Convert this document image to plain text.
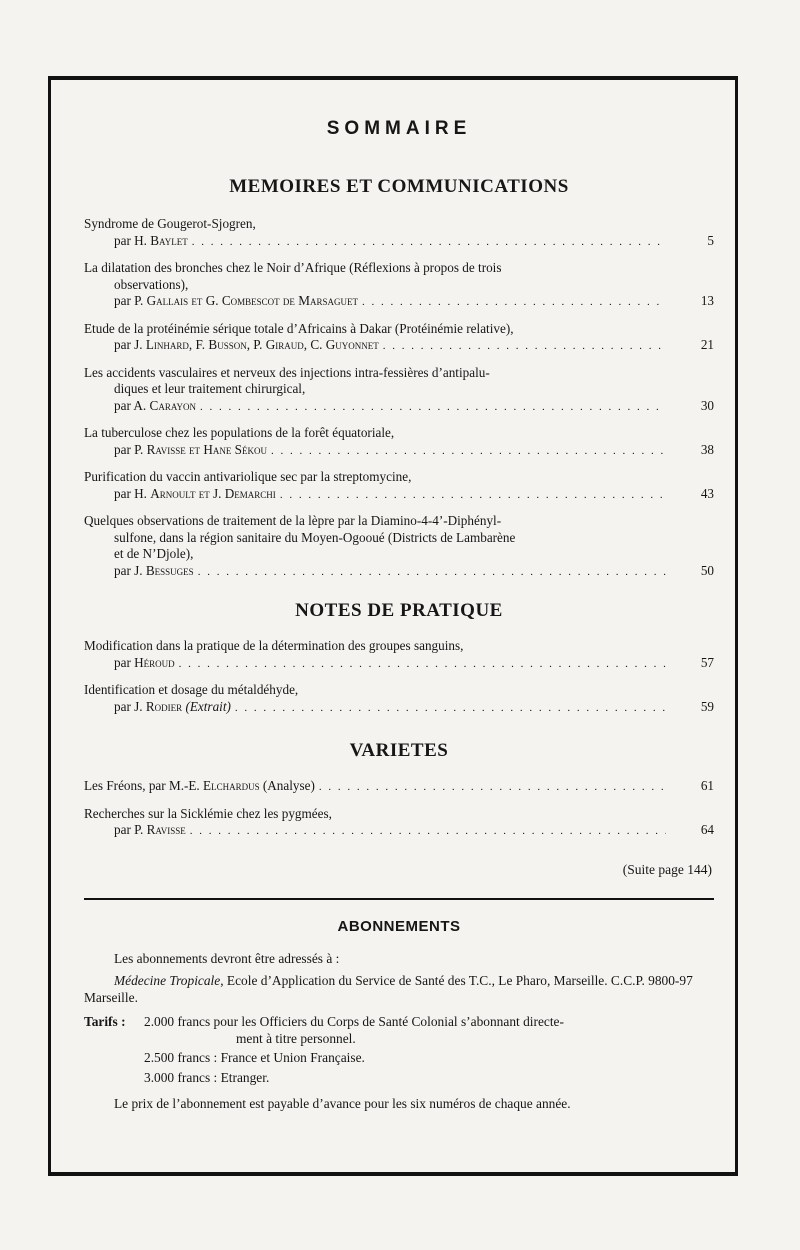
SOMMAIRE
MEMOIRES ET COMMUNICATIONS
Syndrome de Gougerot-Sjogren,
par H. Baylet . . .	5
La dilatation des bronches chez le Noir d’Afrique (Réflexions à propos de trois
observations),
par P. Gallais et G. Combescot de Marsaguet . . .	13
Etude de la protéinémie sérique totale d’Africains à Dakar (Protéinémie relative),
par J. Linhard, F. Busson, P. Giraud, C. Guyonnet . . .	21
Les accidents vasculaires et nerveux des injections intra-fessières d’antipalu-
diques et leur traitement chirurgical,
par A. Carayon . . .	30
La tuberculose chez les populations de la forêt équatoriale,
par P. Ravisse et Hane Sékou . . .	38
Purification du vaccin antivariolique sec par la streptomycine,
par H. Arnoult et J. Demarchi . . .	43
Quelques observations de traitement de la lèpre par la Diamino-4-4’-Diphényl-
sulfone, dans la région sanitaire du Moyen-Ogooué (Districts de Lambarène
et de N’Djole),
par J. Bessuges . . .	50
NOTES DE PRATIQUE
Modification dans la pratique de la détermination des groupes sanguins,
par Héroud . . .	57
Identification et dosage du métaldéhyde,
par J. Rodier (Extrait) . . .	59
VARIETES
Les Fréons, par M.-E. Elchardus (Analyse) . . .	61
Recherches sur la Sicklémie chez les pygmées,
par P. Ravisse . . .	64
(Suite page 144)
ABONNEMENTS
Les abonnements devront être adressés à :
Médecine Tropicale, Ecole d’Application du Service de Santé des T.C., Le Pharo, Marseille. C.C.P. 9800-97 Marseille.
Tarifs :	2.000 francs pour les Officiers du Corps de Santé Colonial s’abonnant directe-
ment à titre personnel.
2.500 francs : France et Union Française.
3.000 francs : Etranger.
Le prix de l’abonnement est payable d’avance pour les six numéros de chaque année.
